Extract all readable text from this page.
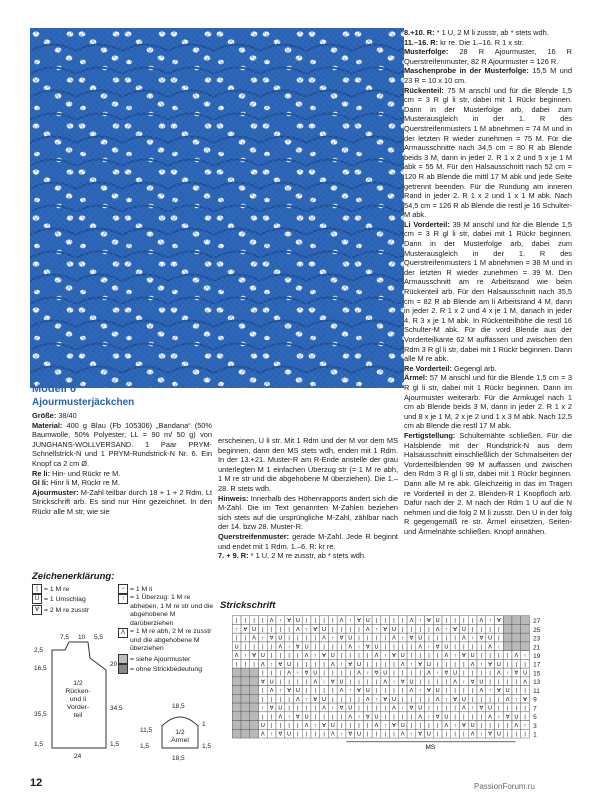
Modell 6
Ajourmusterjäckchen

Größe: 38/40

Material: 400 g Blau (Fb 105306) „Bandana“ (50% Baumwolle, 50% Polyester, LL = 90 m/ 50 g) von JUNGHANS-WOLLVERSAND. 1 Paar PRYM-Schnellstrick-N und 1 PRYM-Rundstrick-N Nr. 6. Ein Knopf ca 2 cm Ø.

Re li: Hin- und Rückr re M.

Gl li: Hinr li M, Rückr re M.

Ajourmuster: M-Zahl teilbar durch 18 + 1 + 2 Rdm. Lt Strickschrift arb. Es sind nur Hinr gezeichnet. In den Rückr alle M str, wie sie

erscheinen, U li str. Mit 1 Rdm und der M vor dem MS beginnen, dann den MS stets wdh, enden mit 1 Rdm. In der 13.+21. Muster-R am R-Ende anstelle der grau unterlegten M 1 einfachen Überzug str (= 1 M re abh, 1 M re str und die abgehobene M überziehen). Die 1.–28. R stets wdh.

Hinweis: Innerhalb des Höhenrapports ändert sich die M-Zahl. Die im Text genannten M-Zahlen beziehen sich stets auf die ursprüngliche M-Zahl, zählbar nach der 14. bzw 28. Muster-R.

Querstreifenmuster: gerade M-Zahl. Jede R beginnt und endet mit 1 Rdm. 1.–6. R: kr re.

7. + 9. R: * 1 U, 2 M re zusstr, ab * stets wdh.

8.+10. R: * 1 U, 2 M li zusstr, ab * stets wdh.

11.–16. R: kr re. Die 1.–16. R 1 x str.

Musterfolge: 28 R Ajourmuster, 16 R Querstreifenmuster, 82 R Ajourmuster = 126 R.

Maschenprobe in der Musterfolge: 15,5 M und 23 R = 10 x 10 cm.

Rückenteil: 75 M anschl und für die Blende 1,5 cm = 3 R gl li str, dabei mit 1 Rückr beginnen. Dann in der Musterfolge arb, dabei zum Musterausgleich in der 1. R des Querstreifenmusters 1 M abnehmen = 74 M und in der letzten R wieder zunehmen = 75 M. Für die Armausschnitte nach 34,5 cm = 80 R ab Blende beids 3 M, dann in jeder 2. R 1 x 2 und 5 x je 1 M abk = 55 M. Für den Halsausschnitt nach 52 cm = 120 R ab Blende die mittl 17 M abk und jede Seite getrennt beenden. Für die Rundung am inneren Rand in jeder 2. R 1 x 2 und 1 x 1 M abk. Nach 54,5 cm = 126 R ab Blende die restl je 16 Schulter-M abk.

Li Vorderteil: 39 M anschl und für die Blende 1,5 cm = 3 R gl li str, dabei mit 1 Rückr beginnen. Dann in der Musterfolge arb, dabei zum Musterausgleich in der 1. R des Querstreifenmusters 1 M abnehmen = 38 M und in der letzten R wieder zunehmen = 39 M. Den Armausschnitt am re Arbeitsrand wie beim Rückenteil arb. Für den Halsausschnitt nach 35,5 cm = 82 R ab Blende am li Arbeitsrand 4 M, dann in jeder 2. R 1 x 2 und 4 x je 1 M, danach in jeder 4. R 3 x je 1 M abk. In Rückenteilhöhe die restl 16 Schulter-M abk. Für die vord Blende aus der Vorderteilkante 62 M auffassen und zwischen den Rdm 3 R gl li str, dabei mit 1 Rückr beginnen. Dann alle M re abk.

Re Vorderteil: Gegengl arb.

Ärmel: 57 M anschl und für die Blende 1,5 cm = 3 R gl li str, dabei mit 1 Rückr beginnen. Dann im Ajourmuster weiterarb. Für die Armkugel nach 1 cm ab Blende beids 3 M, dann in jeder 2. R 1 x 2 und 8 x je 1 M, 2 x je 2 und 1 x 3 M abk. Nach 12,5 cm ab Blende die restl 17 M abk.

Fertigstellung: Schulternähte schließen. Für die Halsblende mit der Rundstrick-N aus dem Halsausschnitt einschließlich der Schmalseiten der Vorderteilblenden 99 M auffassen und zwischen den Rdm 3 R gl li str, dabei mit 1 Rückr beginnen. Dann alle M re abk. Gleichzeitig in das im Tragen re Vorderteil in der 2. Blenden-R 1 Knopfloch arb. Dafür nach der 2. M nach der Rdm 1 U auf die N nehmen und die folg 2 M li zusstr. Den U in der folg R gegengemäß re str. Ärmel einsetzen, Seiten- und Ärmelnähte schließen. Knopf annähen.

Zeichenerklärung:
| = 1 M re
U = 1 Umschlag
∀ = 2 M re zusstr
− = 1 M li
↑ = 1 Überzug: 1 M re abheben, 1 M re str und die abgehobene M darüberziehen
Λ = 1 M re abh, 2 M re zusstr und die abgehobene M überziehen
= siehe Ajourmuster
= ohne Strickbedeutung
7,5 10 5,5
2,5
16,5
20
35,5
34,5
1,5
24
1,5
1/2
Rücken-
und li
Vorder-
teil
1/2
Ärmel
18,5
11,5
1,5
18,5
1
1,5
Strickschrift
| | | | Λ ↑ ∀ U | | | | Λ ↑ ∀ U | | | | Λ ↑ ∀ U | | | | Λ ↑ ∀
↑ ∀ U | | | | Λ ↑ ∀ U | | | | Λ ↑ ∀ U | | | | Λ ↑ ∀ U | | | |
| | Λ ↑ ∀ U | | | | Λ ↑ ∀ U | | | | Λ ↑ ∀ U | | | | Λ ↑ ∀ U |
U | | | | Λ ↑ ∀ U | | | | Λ ↑ ∀ U | | | | Λ ↑ ∀ U | | | | Λ ↑
Λ ↑ ∀ U | | | | Λ ↑ ∀ U | | | | Λ ↑ ∀ U | | | | Λ ↑ ∀ U | | | | Λ ↑
| | | Λ ↑ ∀ U | | | | Λ ↑ ∀ U | | | | Λ ↑ ∀ U | | | | Λ ↑ ∀ U | | |
| | | Λ ↑ ∀ U | | | | Λ ↑ ∀ U | | | | Λ ↑ ∀ U | | | | Λ ↑ ∀ U
∀ U | | | | Λ ↑ ∀ U | | | | Λ ↑ ∀ U | | | | Λ ↑ ∀ U | | | | Λ
| Λ ↑ ∀ U | | | | Λ ↑ ∀ U | | | | Λ ↑ ∀ U | | | | Λ ↑ ∀ U | |
| | | | Λ ↑ ∀ U | | | | Λ ↑ ∀ U | | | | Λ ↑ ∀ U | | | | Λ ↑ ∀
↑ ∀ U | | | | Λ ↑ ∀ U | | | | Λ ↑ ∀ U | | | | Λ ↑ ∀ U | | | |
| | Λ ↑ ∀ U | | | | Λ ↑ ∀ U | | | | Λ ↑ ∀ U | | | | Λ ↑ ∀ U |
U | | | | Λ ↑ ∀ U | | | | Λ ↑ ∀ U | | | | Λ ↑ ∀ U | | | | Λ ↑
Λ ↑ ∀ U | | | | Λ ↑ ∀ U | | | | Λ ↑ ∀ U | | | | Λ ↑ ∀ U | | |
27
25
23
21
19
17
15
13
11
9
7
5
3
1
MS
12	PassionForum.ru
